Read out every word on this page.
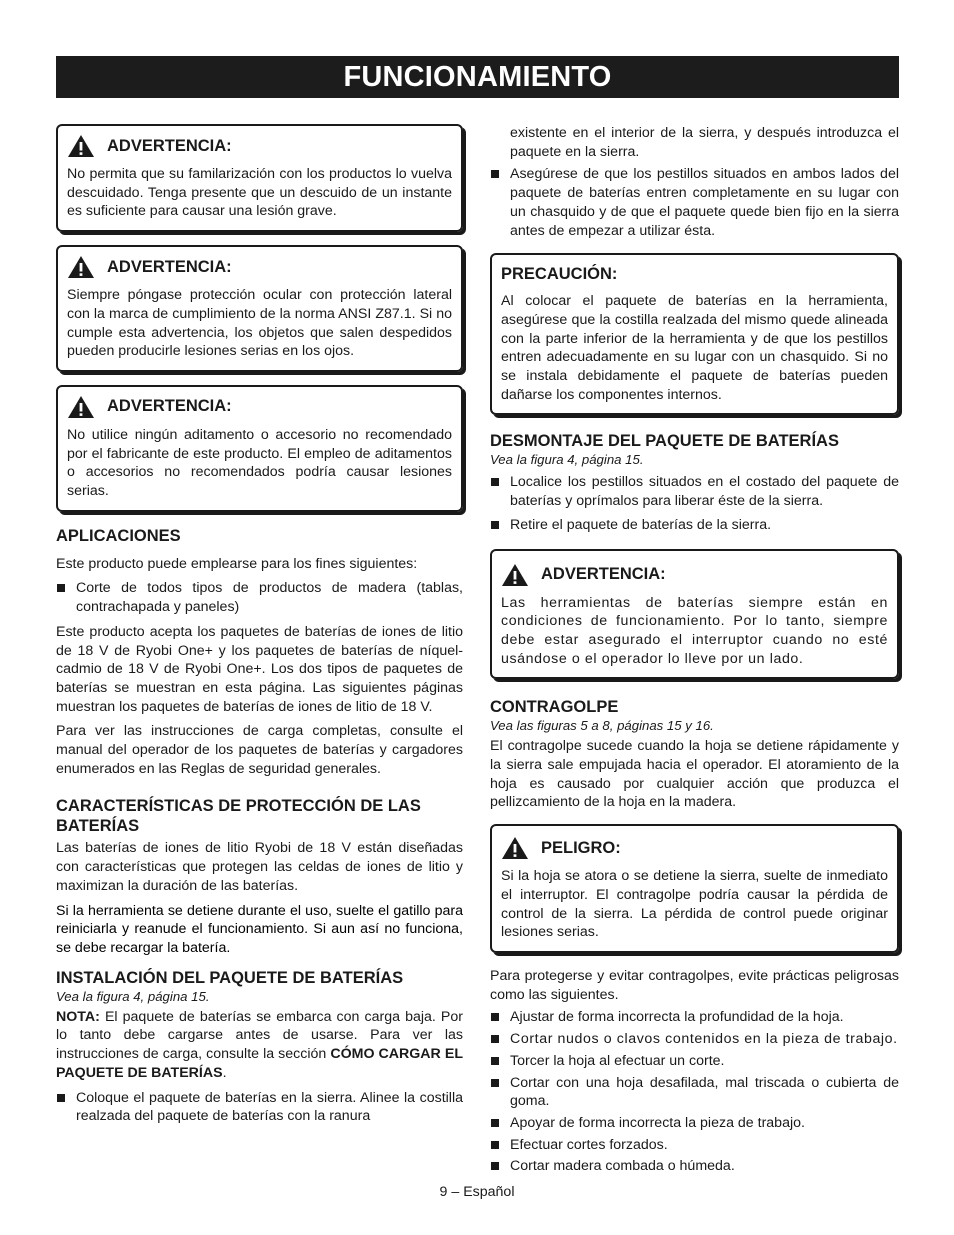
FUNCIONAMIENTO
ADVERTENCIA:

No permita que su familarización con los productos lo vuelva descuidado. Tenga presente que un descuido de un instante es suficiente para causar una lesión grave.

ADVERTENCIA:

Siempre póngase protección ocular con protección lateral con la marca de cumplimiento de la norma ANSI Z87.1. Si no cumple esta advertencia, los objetos que salen despedidos pueden producirle lesiones serias en los ojos.

ADVERTENCIA:

No utilice ningún aditamento o accesorio no recomendado por el fabricante de este producto. El empleo de aditamentos o accesorios no recomendados podría causar lesiones serias.

APLICACIONES

Este producto puede emplearse para los fines siguientes:

Corte de todos tipos de productos de madera (tablas, contrachapada y paneles)

Este producto acepta los paquetes de baterías de iones de litio de 18 V de Ryobi One+ y los paquetes de baterías de níquel-cadmio de 18 V de Ryobi One+. Los dos tipos de paquetes de baterías se muestran en esta página. Las siguientes páginas muestran los paquetes de baterías de iones de litio de 18 V.

Para ver las instrucciones de carga completas, consulte el manual del operador de los paquetes de baterías y cargadores enumerados en las Reglas de seguridad generales.

CARACTERÍSTICAS DE PROTECCIÓN DE LAS BATERÍAS

Las baterías de iones de litio Ryobi de 18 V están diseñadas con características que protegen las celdas de iones de litio y maximizan la duración de las baterías.

Si la herramienta se detiene durante el uso, suelte el gatillo para reiniciarla y reanude el funcionamiento. Si aun así no funciona, se debe recargar la batería.

INSTALACIÓN DEL PAQUETE DE BATERÍAS
Vea la figura 4, página 15.

NOTA: El paquete de baterías se embarca con carga baja. Por lo tanto debe cargarse antes de usarse. Para ver las instrucciones de carga, consulte la sección CÓMO CARGAR EL PAQUETE DE BATERÍAS.

Coloque el paquete de baterías en la sierra. Alinee la costilla realzada del paquete de baterías con la ranura
existente en el interior de la sierra, y después introduzca el paquete en la sierra.
Asegúrese de que los pestillos situados en ambos lados del paquete de baterías entren completamente en su lugar con un chasquido y de que el paquete quede bien fijo en la sierra antes de empezar a utilizar ésta.
PRECAUCIÓN:

Al colocar el paquete de baterías en la herramienta, asegúrese que la costilla realzada del mismo quede alineada con la parte inferior de la herramienta y de que los pestillos entren adecuadamente en su lugar con un chasquido. Si no se instala debidamente el paquete de baterías pueden dañarse los componentes internos.

DESMONTAJE DEL PAQUETE DE BATERÍAS
Vea la figura 4, página 15.
Localice los pestillos situados en el costado del paquete de baterías y oprímalos para liberar éste de la sierra.
Retire el paquete de baterías de la sierra.
ADVERTENCIA:

Las herramientas de baterías siempre están en condiciones de funcionamiento. Por lo tanto, siempre debe estar asegurado el interruptor cuando no esté usándose o el operador lo lleve por un lado.

CONTRAGOLPE
Vea las figuras 5 a 8, páginas 15 y 16.

El contragolpe sucede cuando la hoja se detiene rápidamente y la sierra sale empujada hacia el operador. El atoramiento de la hoja es causado por cualquier acción que produzca el pellizcamiento de la hoja en la madera.

PELIGRO:

Si la hoja se atora o se detiene la sierra, suelte de inmediato el interruptor. El contragolpe podría causar la pérdida de control de la sierra. La pérdida de control puede originar lesiones serias.

Para protegerse y evitar contragolpes, evite prácticas peligrosas como las siguientes.

Ajustar de forma incorrecta la profundidad de la hoja.
Cortar nudos o clavos contenidos en la pieza de trabajo.
Torcer la hoja al efectuar un corte.
Cortar con una hoja desafilada, mal triscada o cubierta de goma.
Apoyar de forma incorrecta la pieza de trabajo.
Efectuar cortes forzados.
Cortar madera combada o húmeda.
9 – Español
